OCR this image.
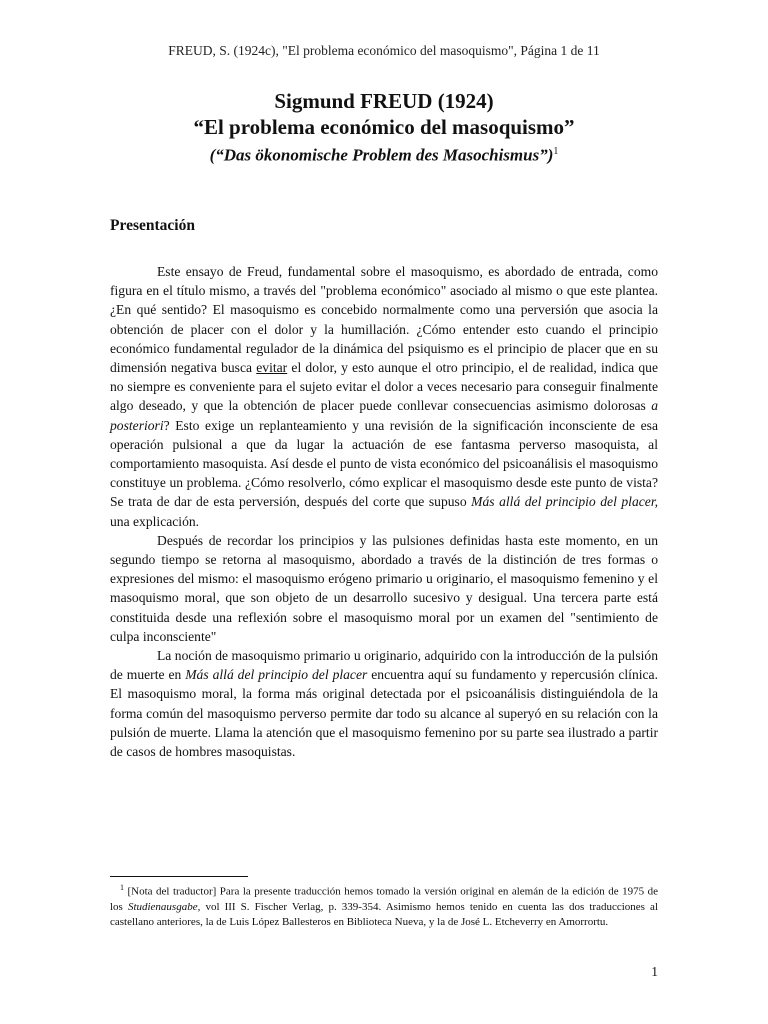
FREUD, S. (1924c), "El problema económico del masoquismo", Página 1 de 11
Sigmund FREUD (1924)
“El problema económico del masoquismo”
(“Das ökonomische Problem des Masochismus”)$^1$
Presentación

Este ensayo de Freud, fundamental sobre el masoquismo, es abordado de entrada, como figura en el título mismo, a través del "problema económico" asociado al mismo o que este plantea. ¿En qué sentido? El masoquismo es concebido normalmente como una perversión que asocia la obtención de placer con el dolor y la humillación. ¿Cómo entender esto cuando el principio económico fundamental regulador de la dinámica del psiquismo es el principio de placer que en su dimensión negativa busca evitar el dolor, y esto aunque el otro principio, el de realidad, indica que no siempre es conveniente para el sujeto evitar el dolor a veces necesario para conseguir finalmente algo deseado, y que la obtención de placer puede conllevar consecuencias asimismo dolorosas a posteriori? Esto exige un replanteamiento y una revisión de la significación inconsciente de esa operación pulsional a que da lugar la actuación de ese fantasma perverso masoquista, al comportamiento masoquista. Así desde el punto de vista económico del psicoanálisis el masoquismo constituye un problema. ¿Cómo resolverlo, cómo explicar el masoquismo desde este punto de vista? Se trata de dar de esta perversión, después del corte que supuso Más allá del principio del placer, una explicación.

Después de recordar los principios y las pulsiones definidas hasta este momento, en un segundo tiempo se retorna al masoquismo, abordado a través de la distinción de tres formas o expresiones del mismo: el masoquismo erógeno primario u originario, el masoquismo femenino y el masoquismo moral, que son objeto de un desarrollo sucesivo y desigual. Una tercera parte está constituida desde una reflexión sobre el masoquismo moral por un examen del "sentimiento de culpa inconsciente"

La noción de masoquismo primario u originario, adquirido con la introducción de la pulsión de muerte en Más allá del principio del placer encuentra aquí su fundamento y repercusión clínica. El masoquismo moral, la forma más original detectada por el psicoanálisis distinguiéndola de la forma común del masoquismo perverso permite dar todo su alcance al superyó en su relación con la pulsión de muerte. Llama la atención que el masoquismo femenino por su parte sea ilustrado a partir de casos de hombres masoquistas.

$^1$ [Nota del traductor] Para la presente traducción hemos tomado la versión original en alemán de la edición de 1975 de los Studienausgabe, vol III S. Fischer Verlag, p. 339-354. Asimismo hemos tenido en cuenta las dos traducciones al castellano anteriores, la de Luis López Ballesteros en Biblioteca Nueva, y la de José L. Etcheverry en Amorrortu.

1
